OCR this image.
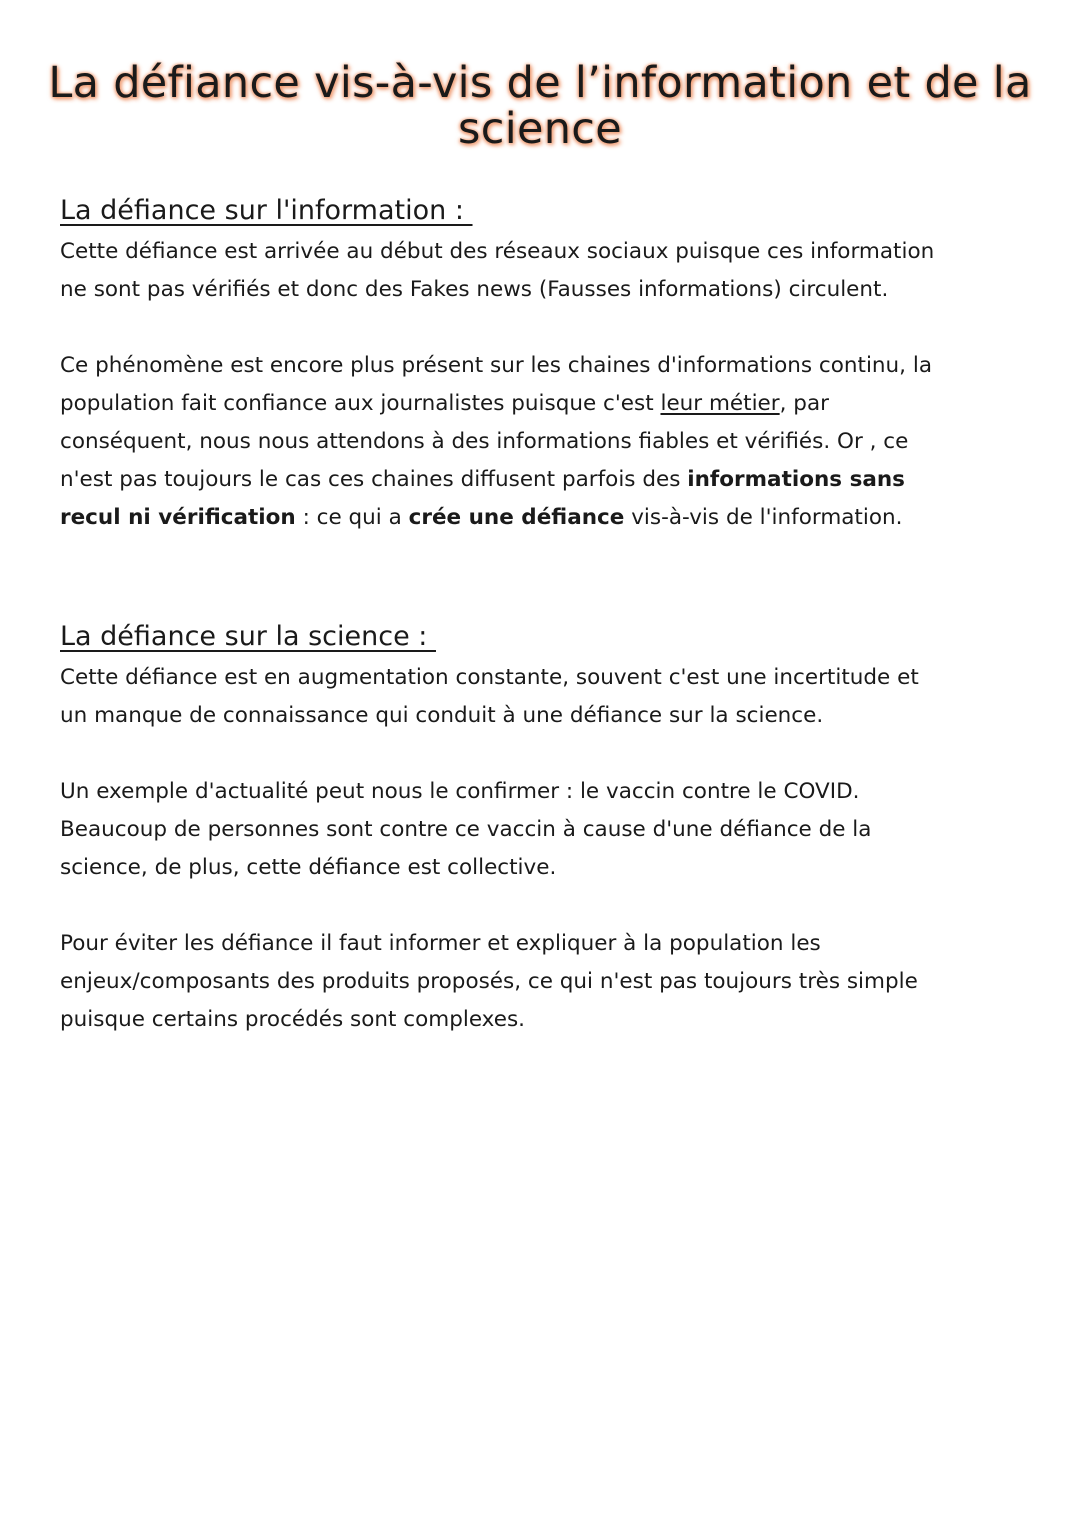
La défiance vis-à-vis de l’information et de la science
La défiance sur l'information :

Cette défiance est arrivée au début des réseaux sociaux puisque ces information
ne sont pas vérifiés et donc des Fakes news (Fausses informations) circulent.

Ce phénomène est encore plus présent sur les chaines d'informations continu, la
population fait confiance aux journalistes puisque c'est leur métier, par
conséquent, nous nous attendons à des informations fiables et vérifiés. Or , ce
n'est pas toujours le cas ces chaines diffusent parfois des informations sans
recul ni vérification : ce qui a crée une défiance vis-à-vis de l'information.

La défiance sur la science :

Cette défiance est en augmentation constante, souvent c'est une incertitude et
un manque de connaissance qui conduit à une défiance sur la science.

Un exemple d'actualité peut nous le confirmer : le vaccin contre le COVID.
Beaucoup de personnes sont contre ce vaccin à cause d'une défiance de la
science, de plus, cette défiance est collective.

Pour éviter les défiance il faut informer et expliquer à la population les
enjeux/composants des produits proposés, ce qui n'est pas toujours très simple
puisque certains procédés sont complexes.
